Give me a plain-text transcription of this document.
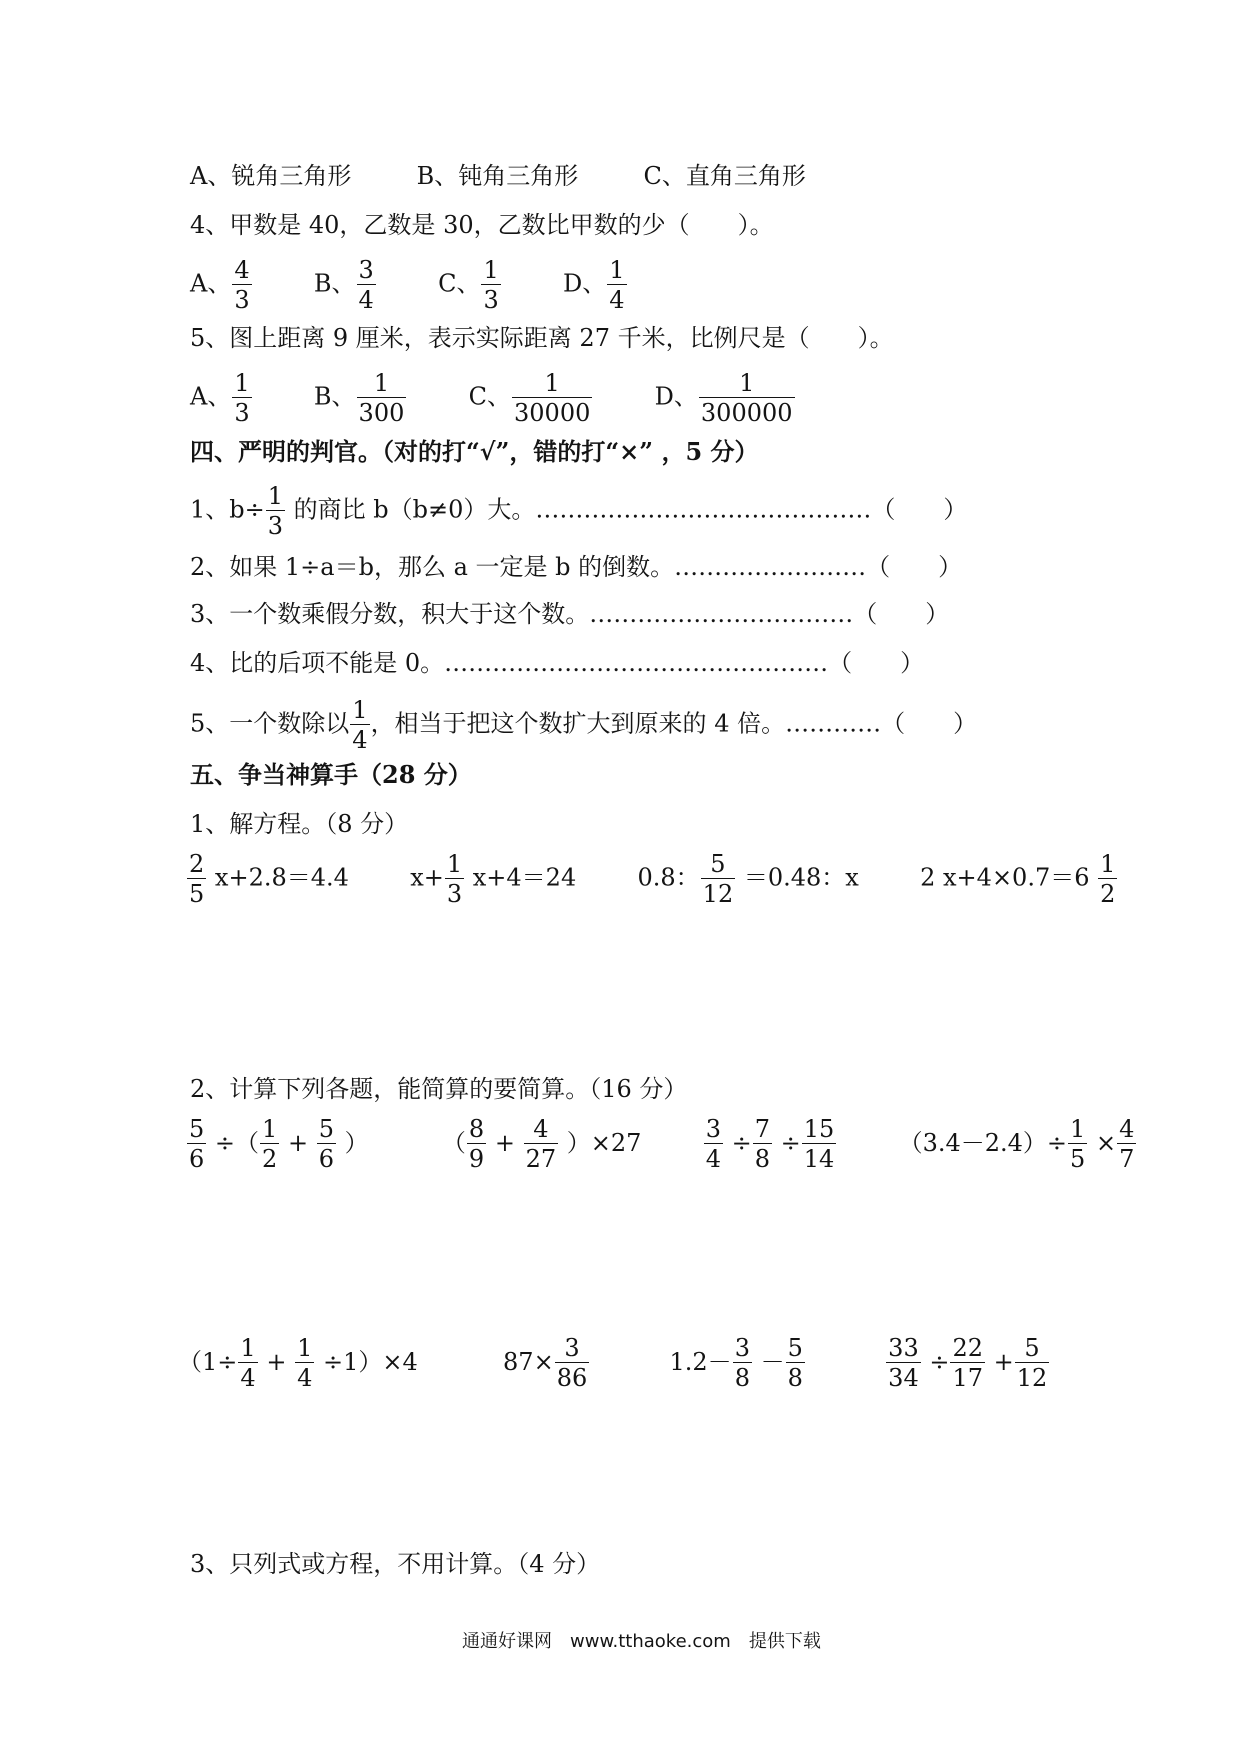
A、锐角三角形	B、钝角三角形	C、直角三角形
4、甲数是 40，乙数是 30，乙数比甲数的少（　　）。
A、 $\frac{4}{3}$	B、 $\frac{3}{4}$	C、 $\frac{1}{3}$	D、 $\frac{1}{4}$
5、图上距离 9 厘米，表示实际距离 27 千米，比例尺是（　　）。
A、 $\frac{1}{3}$	B、 $\frac{1}{300}$	C、 $\frac{1}{30000}$	D、 $\frac{1}{300000}$
四、严明的判官。（对的打“√”，错的打“×” ，5 分）
1、$b\div \frac{1}{3}$ 的商比 b（b≠0）大。……………………………………（　　）
2、如果 1÷a＝b，那么 a 一定是 b 的倒数。……………………（　　）
3、一个数乘假分数，积大于这个数。……………………………（　　）
4、比的后项不能是 0。…………………………………………（　　）
5、一个数除以 $\frac{1}{4}$ ，相当于把这个数扩大到原来的 4 倍。…………（　　）
五、争当神算手（28 分）
1、解方程。（8 分）
$\frac{2}{5} x+2.8=4.4$	$x+ \frac{1}{3} x+4=24$	0.8： $\frac{5}{12} =0.48$：x	2 $x+4\times 0.7=6 \frac{1}{2}$
2、计算下列各题，能简算的要简算。（16 分）
$\frac{5}{6}$ ÷（ $\frac{1}{2} + \frac{5}{6}$ ）	（ $\frac{8}{9} + \frac{4}{27} )\times 27$	$\frac{3}{4} \div \frac{7}{8} \div \frac{15}{14}$	$(3.4-2.4)\div \frac{1}{5} \times \frac{4}{7}$
$(1\div \frac{1}{4} + \frac{1}{4} \div 1)\times 4$	$87\times \frac{3}{86}$	$1.2- \frac{3}{8} - \frac{5}{8}$
	$\frac{33}{34} \div \frac{22}{17} + \frac{5}{12}$
3、只列式或方程，不用计算。（4 分）
通通好课网　www.tthaoke.com　提供下载
